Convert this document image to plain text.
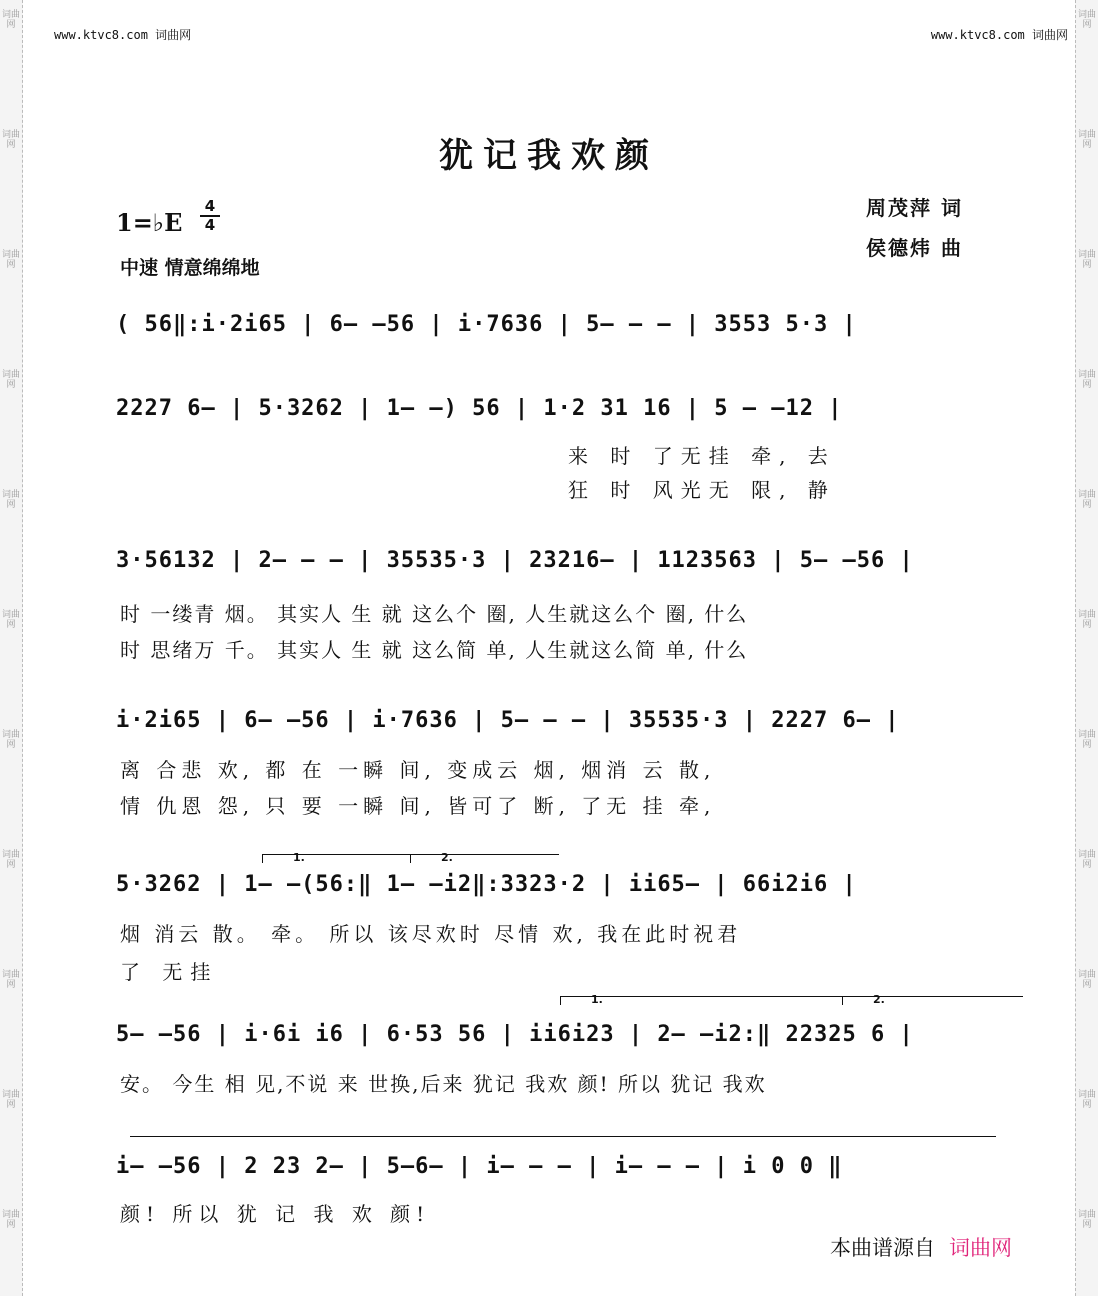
词曲网
词曲网
词曲网
词曲网
词曲网
词曲网
词曲网
词曲网
词曲网
词曲网
词曲网
词曲网
词曲网
词曲网
词曲网
词曲网
词曲网
词曲网
词曲网
词曲网
词曲网
词曲网
www.ktvc8.com 词曲网	www.ktvc8.com 词曲网
犹记我欢颜
1=♭E
4
4
中速 情意绵绵地
周茂萍 词
侯德炜 曲
( 56‖:i·2i65 | 6– –56 | i·7636 | 5– – – | 3553 5·3 |
2227 6– | 5·3262 | 1– –) 56 | 1·2 31 16 | 5 – –12 |
来 时 了无挂 牵, 去
狂 时 风光无 限, 静
3·56132 | 2– – – | 35535·3 | 23216– | 1123563 | 5– –56 |
时 一缕青 烟。 其实人 生 就 这么个 圈, 人生就这么个 圈, 什么
时 思绪万 千。 其实人 生 就 这么简 单, 人生就这么简 单, 什么
i·2i65 | 6– –56 | i·7636 | 5– – – | 35535·3 | 2227 6– |
离 合悲 欢, 都 在 一瞬 间, 变成云 烟, 烟消 云 散,
情 仇恩 怨, 只 要 一瞬 间, 皆可了 断, 了无 挂 牵,
1.	2.
5·3262 | 1– –(56:‖ 1– –i2‖:3323·2 | ii65– | 66i2i6 |
烟 消云 散。 牵。 所以 该尽欢时 尽情 欢, 我在此时祝君
了 无挂
1.	2.
5– –56 | i·6i i6 | 6·53 56 | ii6i23 | 2– –i2:‖ 22325 6 |
安。 今生 相 见,不说 来 世换,后来 犹记 我欢 颜! 所以 犹记 我欢
i– –56 | 2 23 2– | 5–6– | i– – – | i– – – | i 0 0 ‖
颜! 所以 犹 记 我 欢 颜!
本曲谱源自 词曲网
